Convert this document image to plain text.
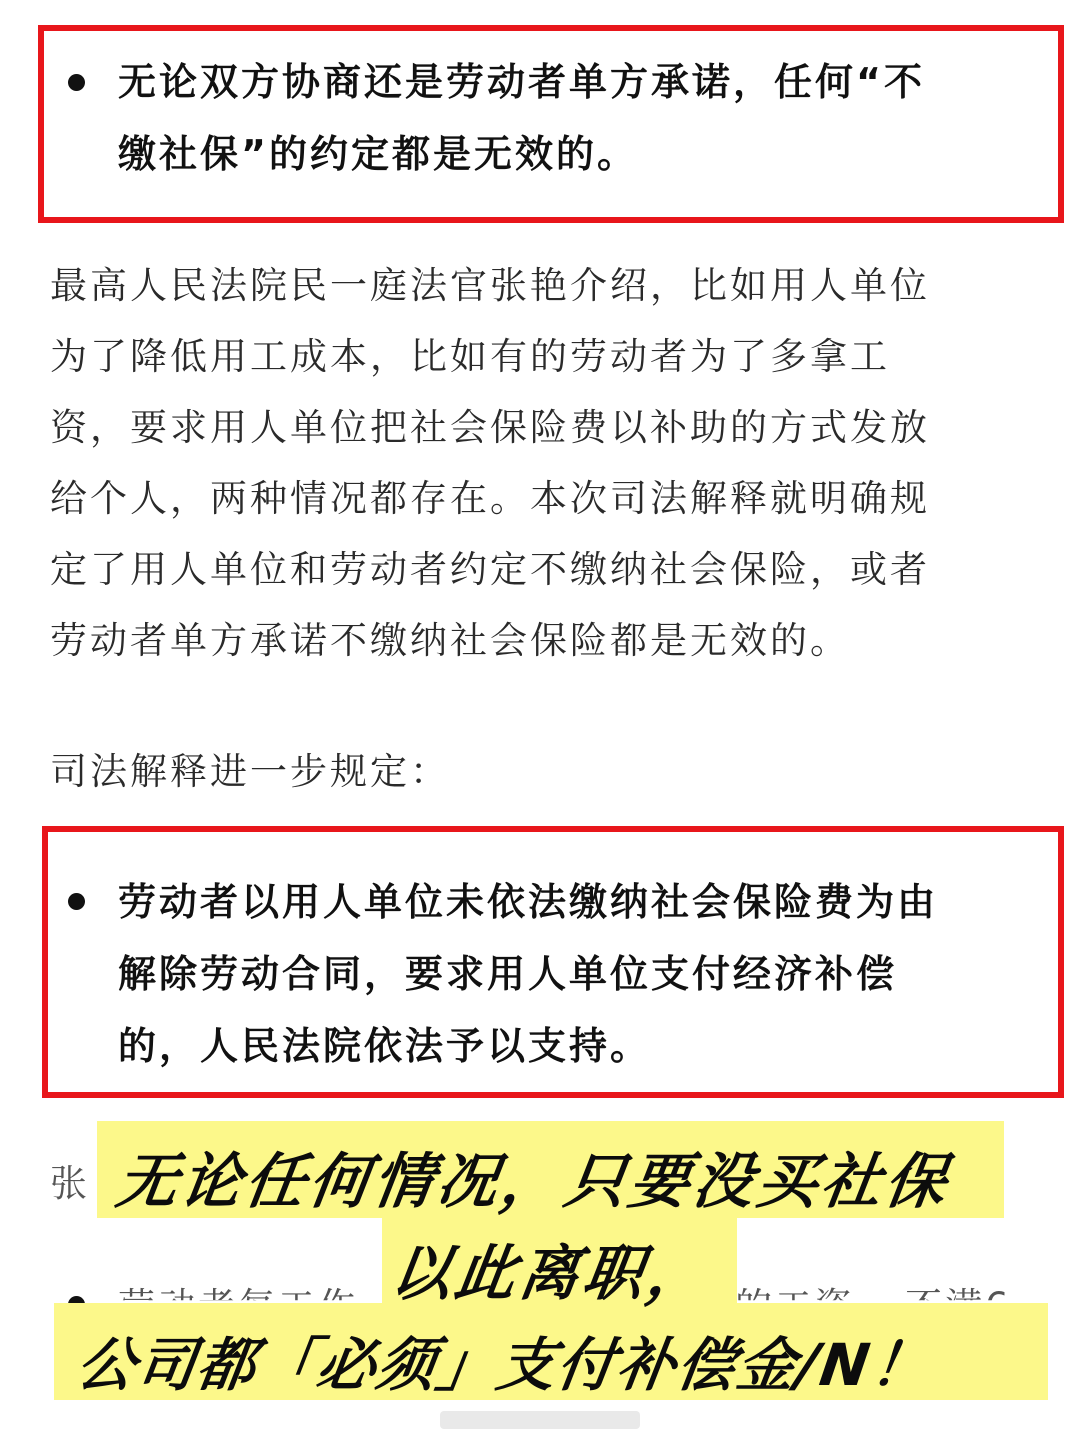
无论双方协商还是劳动者单方承诺，任何“不

缴社保”的约定都是无效的。

最高人民法院民一庭法官张艳介绍，比如用人单位

为了降低用工成本，比如有的劳动者为了多拿工

资，要求用人单位把社会保险费以补助的方式发放

给个人，两种情况都存在。本次司法解释就明确规

定了用人单位和劳动者约定不缴纳社会保险，或者

劳动者单方承诺不缴纳社会保险都是无效的。

司法解释进一步规定：

劳动者以用人单位未依法缴纳社会保险费为由

解除劳动合同，要求用人单位支付经济补偿

的，人民法院依法予以支持。

张 无论任何情况，只要没买社保
以此离职，
公司都「必须」支付补偿金/N！
